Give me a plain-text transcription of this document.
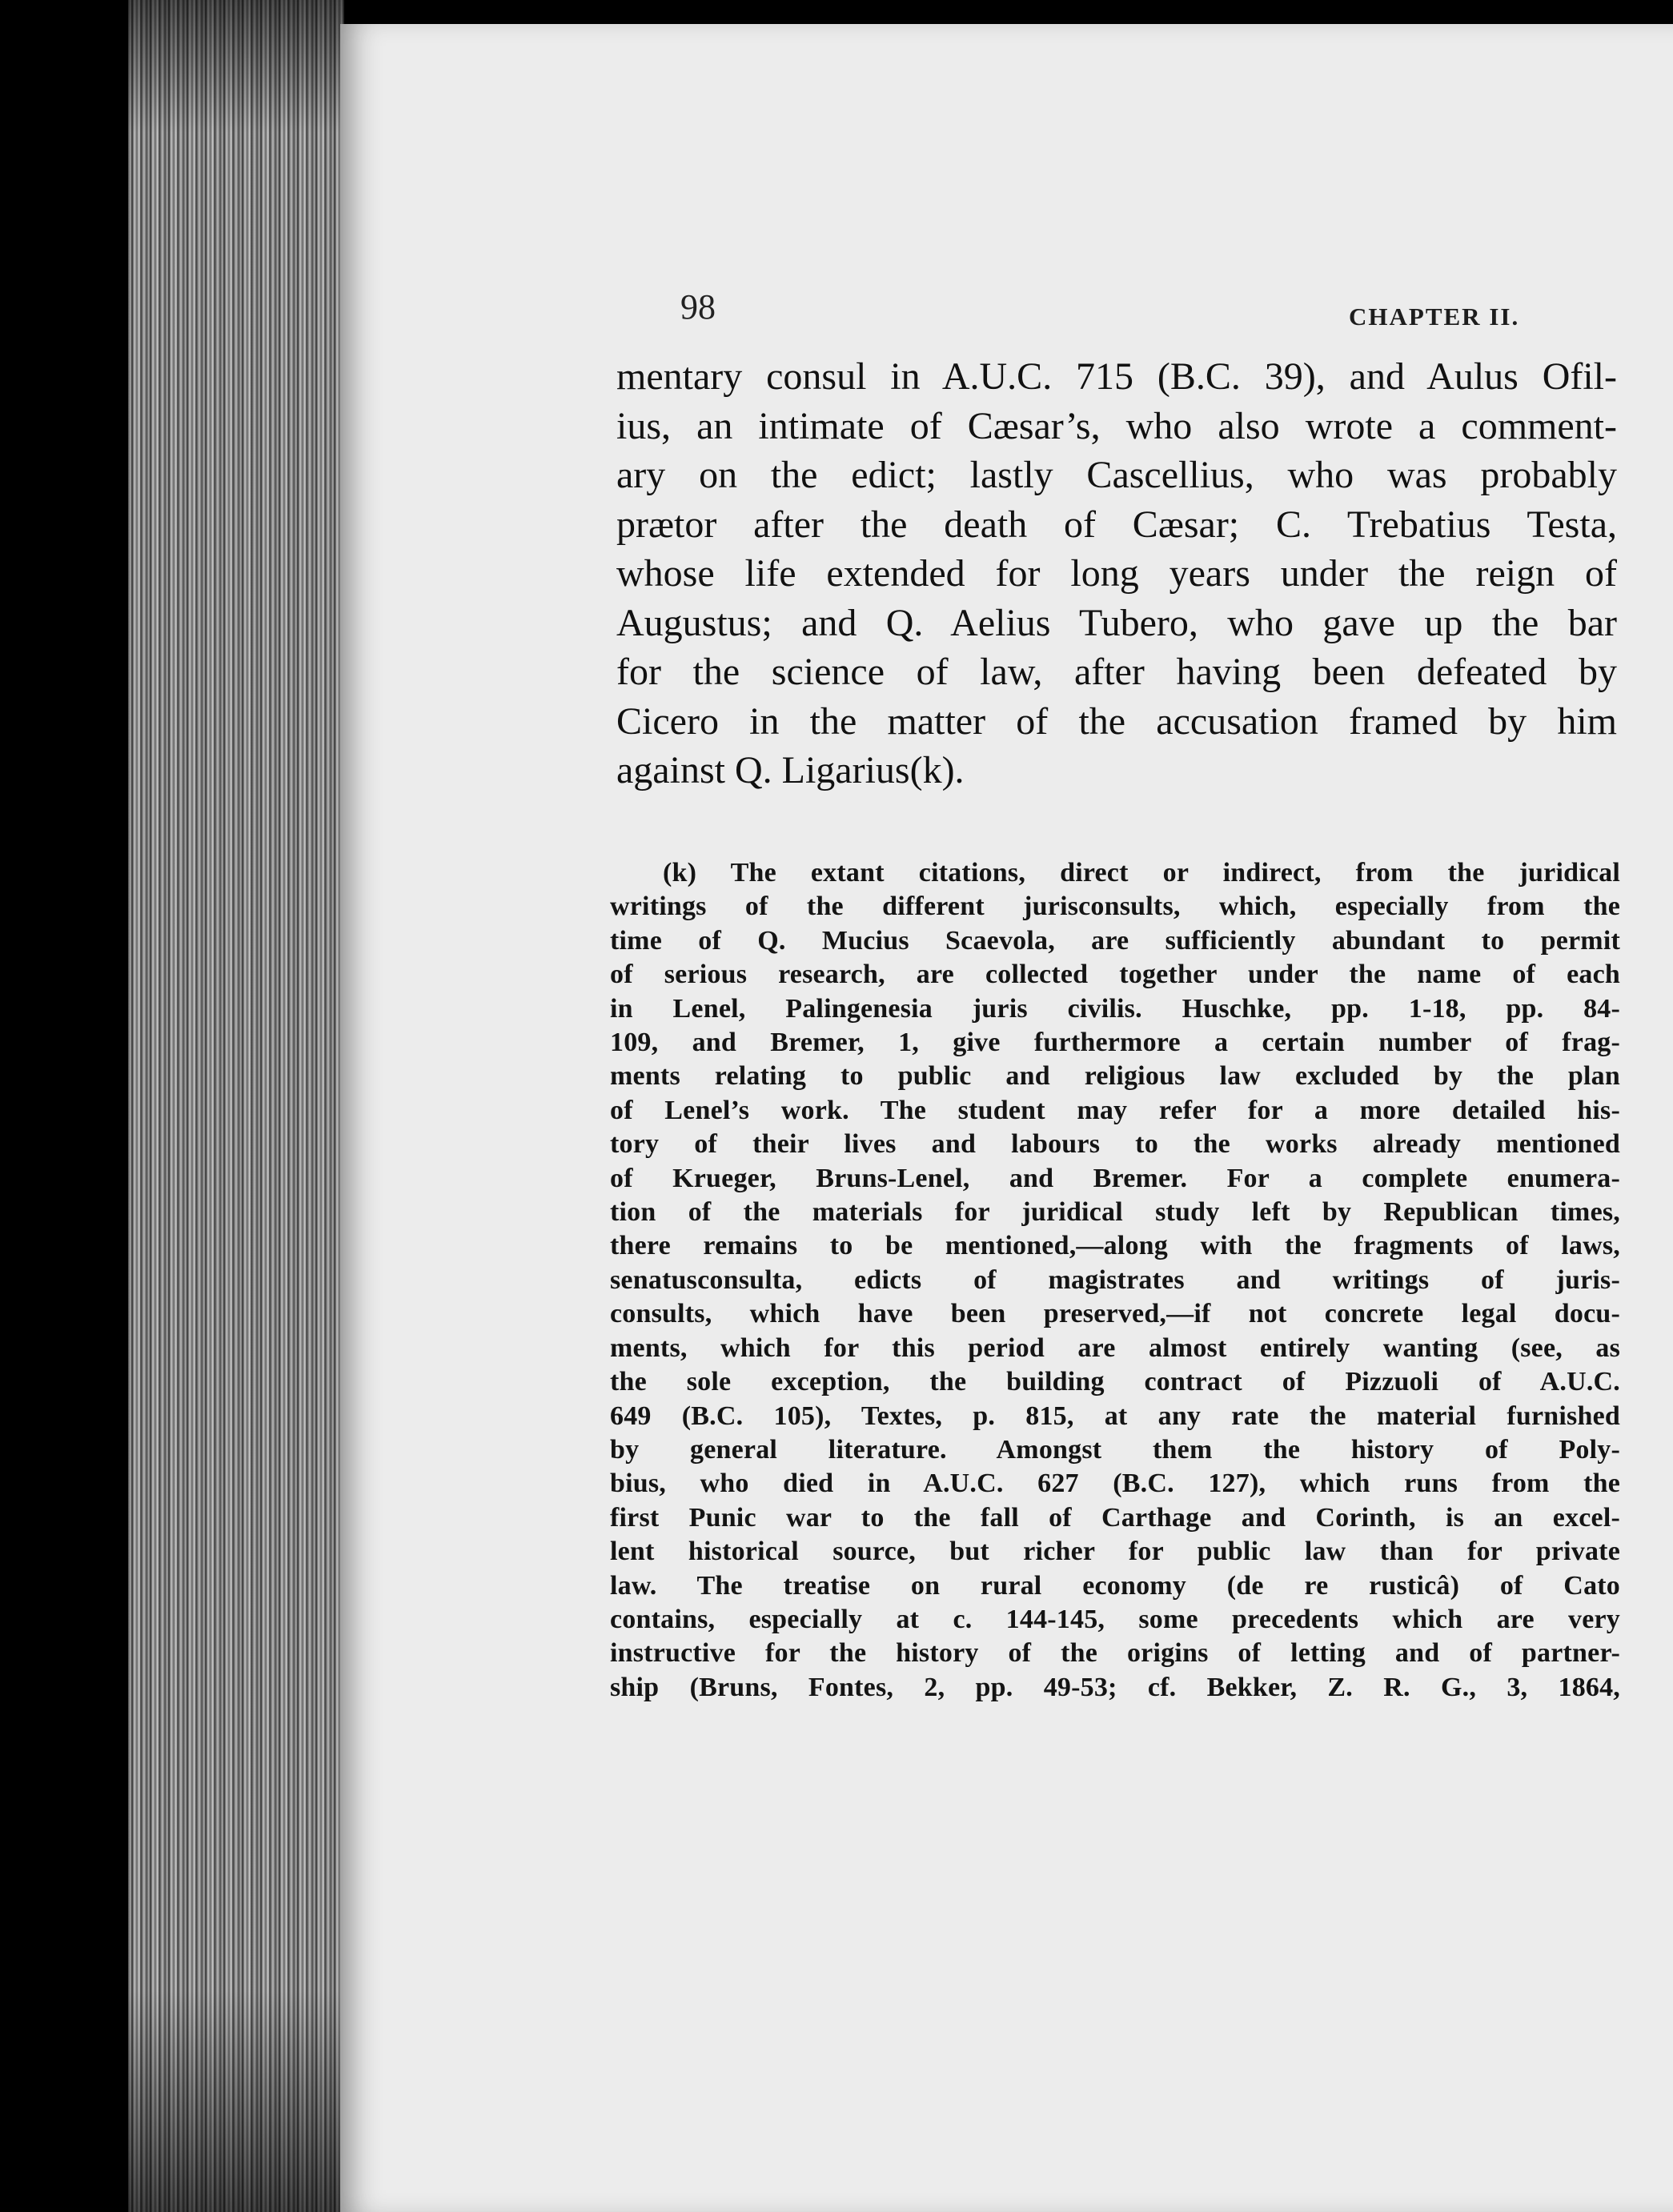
98	CHAPTER II.
mentary consul in A.U.C. 715 (B.C. 39), and Aulus Ofil-
ius, an intimate of Cæsar’s, who also wrote a comment-
ary on the edict; lastly Cascellius, who was probably
prætor after the death of Cæsar; C. Trebatius Testa,
whose life extended for long years under the reign of
Augustus; and Q. Aelius Tubero, who gave up the bar
for the science of law, after having been defeated by
Cicero in the matter of the accusation framed by him
against Q. Ligarius(k).
(k) The extant citations, direct or indirect, from the juridical
writings of the different jurisconsults, which, especially from the
time of Q. Mucius Scaevola, are sufficiently abundant to permit
of serious research, are collected together under the name of each
in Lenel, Palingenesia juris civilis. Huschke, pp. 1-18, pp. 84-
109, and Bremer, 1, give furthermore a certain number of frag-
ments relating to public and religious law excluded by the plan
of Lenel’s work. The student may refer for a more detailed his-
tory of their lives and labours to the works already mentioned
of Krueger, Bruns-Lenel, and Bremer. For a complete enumera-
tion of the materials for juridical study left by Republican times,
there remains to be mentioned,—along with the fragments of laws,
senatusconsulta, edicts of magistrates and writings of juris-
consults, which have been preserved,—if not concrete legal docu-
ments, which for this period are almost entirely wanting (see, as
the sole exception, the building contract of Pizzuoli of A.U.C.
649 (B.C. 105), Textes, p. 815, at any rate the material furnished
by general literature. Amongst them the history of Poly-
bius, who died in A.U.C. 627 (B.C. 127), which runs from the
first Punic war to the fall of Carthage and Corinth, is an excel-
lent historical source, but richer for public law than for private
law. The treatise on rural economy (de re rusticâ) of Cato
contains, especially at c. 144-145, some precedents which are very
instructive for the history of the origins of letting and of partner-
ship (Bruns, Fontes, 2, pp. 49-53; cf. Bekker, Z. R. G., 3, 1864,
